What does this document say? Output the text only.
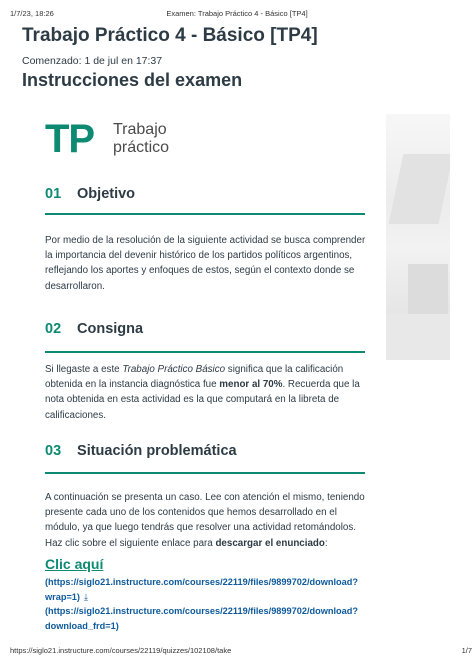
1/7/23, 18:26	Examen: Trabajo Práctico 4 - Básico [TP4]
Trabajo Práctico 4 - Básico [TP4]
Comenzado: 1 de jul en 17:37
Instrucciones del examen
TP Trabajo
práctico
01 Objetivo
Por medio de la resolución de la siguiente actividad se busca comprender
la importancia del devenir histórico de los partidos políticos argentinos,
reflejando los aportes y enfoques de estos, según el contexto donde se
desarrollaron.
02 Consigna
Si llegaste a este Trabajo Práctico Básico significa que la calificación
obtenida en la instancia diagnóstica fue menor al 70%. Recuerda que la
nota obtenida en esta actividad es la que computará en la libreta de
calificaciones.
03 Situación problemática
A continuación se presenta un caso. Lee con atención el mismo, teniendo
presente cada uno de los contenidos que hemos desarrollado en el
módulo, ya que luego tendrás que resolver una actividad retomándolos.
Haz clic sobre el siguiente enlace para descargar el enunciado:
Clic aquí
(https://siglo21.instructure.com/courses/22119/files/9899702/download?
wrap=1) ⤓
(https://siglo21.instructure.com/courses/22119/files/9899702/download?
download_frd=1)
https://siglo21.instructure.com/courses/22119/quizzes/102108/take	1/7
